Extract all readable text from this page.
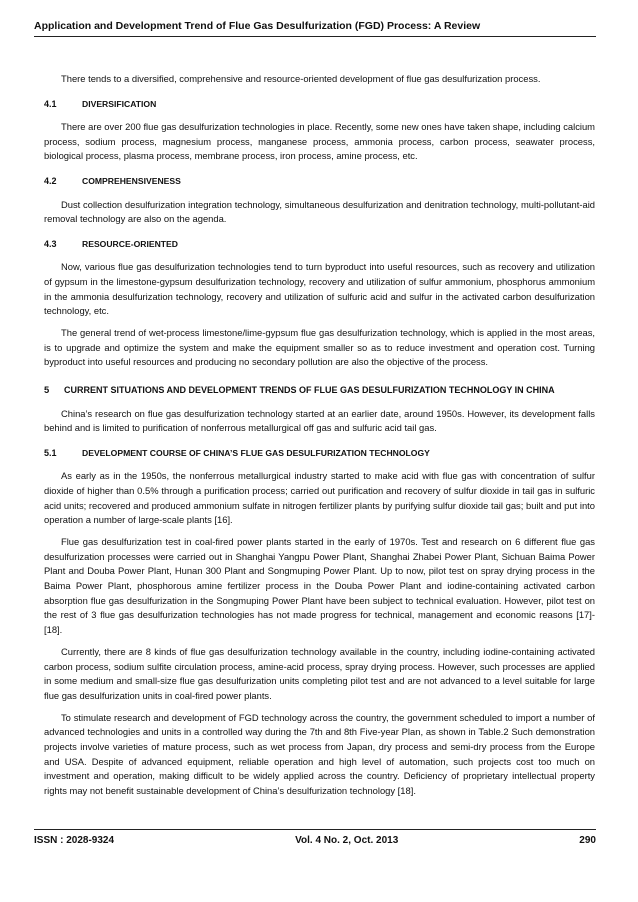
Application and Development Trend of Flue Gas Desulfurization (FGD) Process: A Review

There tends to a diversified, comprehensive and resource-oriented development of flue gas desulfurization process.

4.1	DIVERSIFICATION

There are over 200 flue gas desulfurization technologies in place. Recently, some new ones have taken shape, including calcium process, sodium process, magnesium process, manganese process, ammonia process, carbon process, seawater process, biological process, plasma process, membrane process, iron process, amine process, etc.

4.2	COMPREHENSIVENESS

Dust collection desulfurization integration technology, simultaneous desulfurization and denitration technology, multi-pollutant-aid removal technology are also on the agenda.

4.3	RESOURCE-ORIENTED

Now, various flue gas desulfurization technologies tend to turn byproduct into useful resources, such as recovery and utilization of gypsum in the limestone-gypsum desulfurization technology, recovery and utilization of sulfur ammonium, phosphorus ammonium in the ammonia desulfurization technology, recovery and utilization of sulfuric acid and sulfur in the activated carbon desulfurization technology, etc.

The general trend of wet-process limestone/lime-gypsum flue gas desulfurization technology, which is applied in the most areas, is to upgrade and optimize the system and make the equipment smaller so as to reduce investment and operation cost. Turning byproduct into useful resources and producing no secondary pollution are also the objective of the process.

5	CURRENT SITUATIONS AND DEVELOPMENT TRENDS OF FLUE GAS DESULFURIZATION TECHNOLOGY IN CHINA

China’s research on flue gas desulfurization technology started at an earlier date, around 1950s. However, its development falls behind and is limited to purification of nonferrous metallurgical off gas and sulfuric acid tail gas.

5.1	DEVELOPMENT COURSE OF CHINA’S FLUE GAS DESULFURIZATION TECHNOLOGY

As early as in the 1950s, the nonferrous metallurgical industry started to make acid with flue gas with concentration of sulfur dioxide of higher than 0.5% through a purification process; carried out purification and recovery of sulfur dioxide in tail gas in sulfuric acid units; recovered and produced ammonium sulfate in nitrogen fertilizer plants by purifying sulfur dioxide tail gas; built and put into operation a number of large-scale plants [16].

Flue gas desulfurization test in coal-fired power plants started in the early of 1970s. Test and research on 6 different flue gas desulfurization processes were carried out in Shanghai Yangpu Power Plant, Shanghai Zhabei Power Plant, Sichuan Baima Power Plant and Douba Power Plant, Hunan 300 Plant and Songmuping Power Plant. Up to now, pilot test on spray drying process in the Baima Power Plant, phosphorous amine fertilizer process in the Douba Power Plant and iodine-containing activated carbon absorption flue gas desulfurization in the Songmuping Power Plant have been subject to technical evaluation. However, pilot test on the rest of 3 flue gas desulfurization technologies has not made progress for technical, management and economic reasons [17]-[18].

Currently, there are 8 kinds of flue gas desulfurization technology available in the country, including iodine-containing activated carbon process, sodium sulfite circulation process, amine-acid process, spray drying process. However, such processes are applied in some medium and small-size flue gas desulfurization units completing pilot test and are not advanced to a level suitable for large flue gas desulfurization units in coal-fired power plants.

To stimulate research and development of FGD technology across the country, the government scheduled to import a number of advanced technologies and units in a controlled way during the 7th and 8th Five-year Plan, as shown in Table.2 Such demonstration projects involve varieties of mature process, such as wet process from Japan, dry process and semi-dry process from the Europe and USA. Despite of advanced equipment, reliable operation and high level of automation, such projects cost too much on investment and operation, making difficult to be widely applied across the country. Deficiency of proprietary intellectual property rights may not benefit sustainable development of China’s desulfurization technology [18].

ISSN : 2028-9324	Vol. 4 No. 2, Oct. 2013	290
